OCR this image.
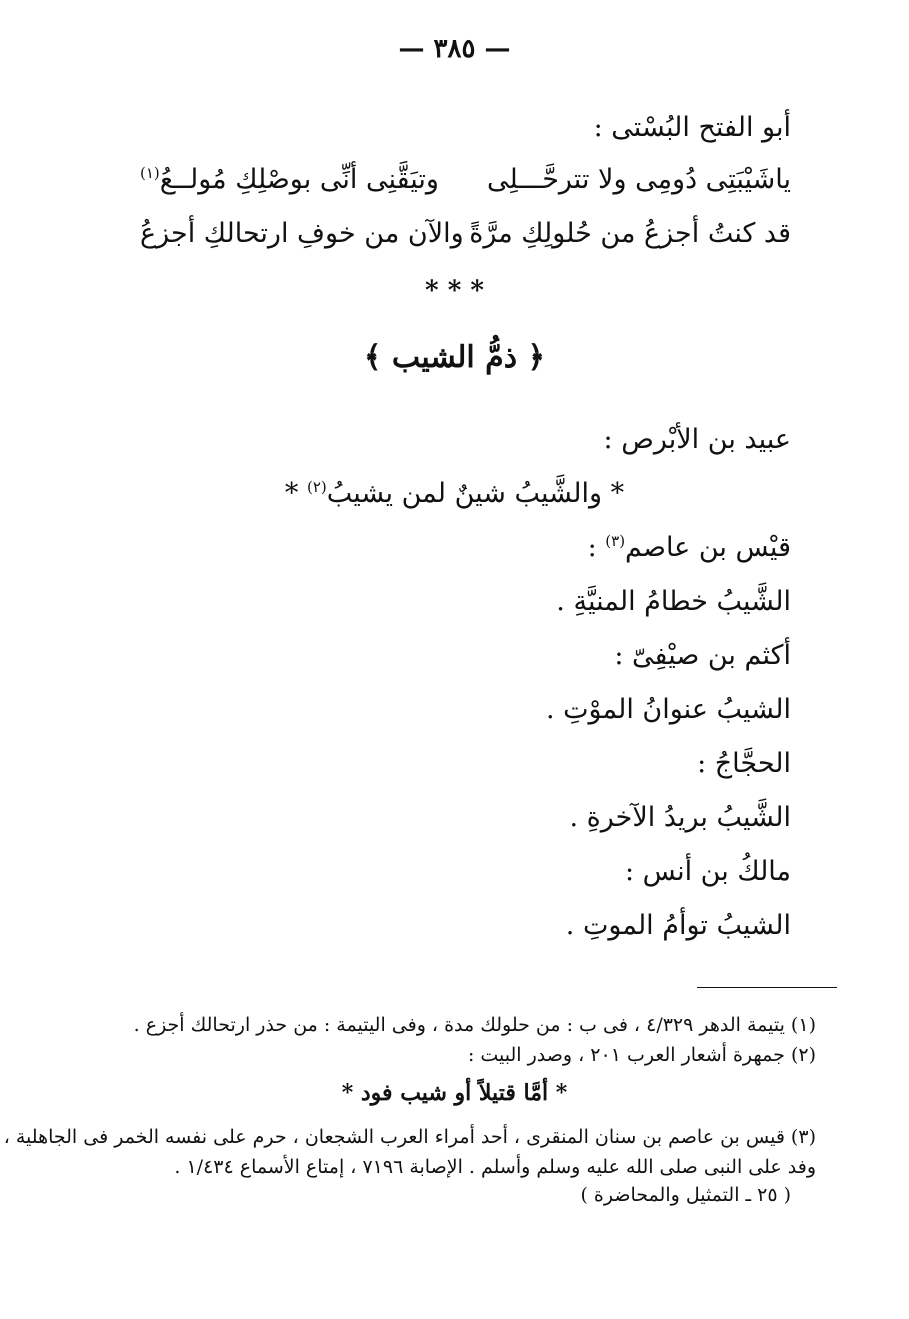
— ٣٨٥ —
أبو الفتح البُسْتى :
ياشَيْبَتِى دُومِى ولا تترحَّـــلِى
وتيَقَّنِى أنِّى بوصْلِكِ مُولــعُ$^{(١)}$
قد كنتُ أجزعُ من حُلولِكِ مرَّةً
والآن من خوفِ ارتحالكِ أجزعُ
* * *
﴿ ذمُّ الشيب ﴾
عبيد بن الأبْرص :
* والشَّيبُ شينٌ لمن يشيبُ$^{(٢)}$ *
قيْس بن عاصم$^{(٣)}$ :
الشَّيبُ خطامُ المنيَّةِ .
أكثم بن صيْفِىّ :
الشيبُ عنوانُ الموْتِ .
الحجَّاجُ :
الشَّيبُ بريدُ الآخرةِ .
مالكُ بن أنس :
الشيبُ توأمُ الموتِ .
(١) يتيمة الدهر ٤/٣٢٩ ، فى ب : من حلولك مدة ، وفى اليتيمة : من حذر ارتحالك أجزع .
(٢) جمهرة أشعار العرب ٢٠١ ، وصدر البيت :
* أمَّا قتيلاً أو شيب فود *
(٣) قيس بن عاصم بن سنان المنقرى ، أحد أمراء العرب الشجعان ، حرم على نفسه الخمر فى الجاهلية ،
وفد على النبى صلى الله عليه وسلم وأسلم . الإصابة ٧١٩٦ ، إمتاع الأسماع ١/٤٣٤ .
( ٢٥ ـ التمثيل والمحاضرة )
